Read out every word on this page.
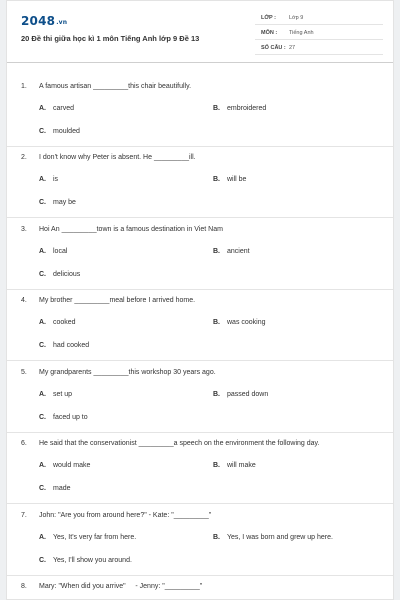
2048.vn
20 Đề thi giữa học kì 1 môn Tiếng Anh lớp 9 Đề 13
LỚP : Lớp 9
MÔN : Tiếng Anh
SỐ CÂU : 27
1. A famous artisan _________this chair beautifully.
A. carved	B. embroidered
C. moulded
2. I don't know why Peter is absent. He _________ill.
A. is	B. will be
C. may be
3. Hoi An _________town is a famous destination in Viet Nam
A. local	B. ancient
C. delicious
4. My brother _________meal before I arrived home.
A. cooked	B. was cooking
C. had cooked
5. My grandparents _________this workshop 30 years ago.
A. set up	B. passed down
C. faced up to
6. He said that the conservationist _________a speech on the environment the following day.
A. would make	B. will make
C. made
7. John: "Are you from around here?" - Kate: "_________"
A. Yes, It's very far from here.	B. Yes, I was born and grew up here.
C. Yes, I'll show you around.
8. Mary: "When did you arrive"     - Jenny: "_________"
